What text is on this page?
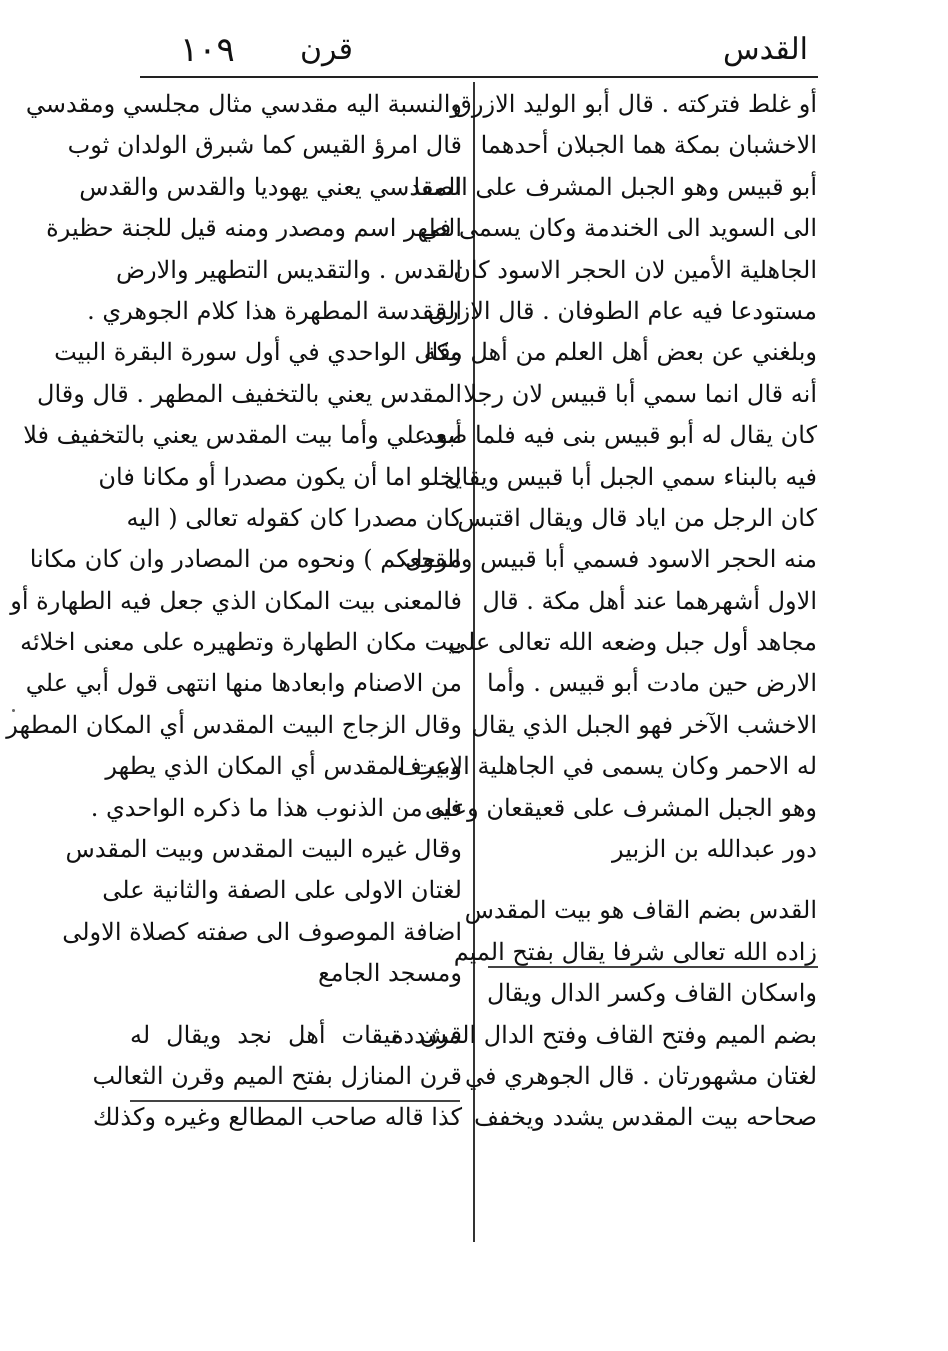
القدس
قرن
١٠٩
أو غلط فتركته . قال أبو الوليد الازرق
الاخشبان بمكة هما الجبلان أحدهما
أبو قبيس وهو الجبل المشرف على الصفا
الى السويد الى الخندمة وكان يسمى في
الجاهلية الأمين لان الحجر الاسود كان
مستودعا فيه عام الطوفان . قال الازرق
وبلغني عن بعض أهل العلم من أهل مكة
أنه قال انما سمي أبا قبيس لان رجلا
كان يقال له أبو قبيس بنى فيه فلما صعد
فيه بالبناء سمي الجبل أبا قبيس ويقال
كان الرجل من اياد قال ويقال اقتبس
منه الحجر الاسود فسمي أبا قبيس والقول
الاول أشهرهما عند أهل مكة . قال
مجاهد أول جبل وضعه الله تعالى على
الارض حين مادت أبو قبيس . وأما
الاخشب الآخر فهو الجبل الذي يقال
له الاحمر وكان يسمى في الجاهلية الاعرف
وهو الجبل المشرف على قعيقعان وعلى
دور عبدالله بن الزبير
القدس بضم القاف هو بيت المقدس
زاده الله تعالى شرفا يقال بفتح الميم
واسكان القاف وكسر الدال ويقال
بضم الميم وفتح القاف وفتح الدال المشددة
لغتان مشهورتان . قال الجوهري في
صحاحه بيت المقدس يشدد ويخفف
والنسبة اليه مقدسي مثال مجلسي ومقدسي
قال امرؤ القيس كما شبرق الولدان ثوب
المقدسي يعني يهوديا والقدس والقدس
الطهر اسم ومصدر ومنه قيل للجنة حظيرة
القدس . والتقديس التطهير والارض
المقدسة المطهرة هذا كلام الجوهري .
وقال الواحدي في أول سورة البقرة البيت
المقدس يعني بالتخفيف المطهر . قال وقال
أبو علي وأما بيت المقدس يعني بالتخفيف فلا
يخلو اما أن يكون مصدرا أو مكانا فان
كان مصدرا كان كقوله تعالى ( اليه
مرجعكم ) ونحوه من المصادر وان كان مكانا
فالمعنى بيت المكان الذي جعل فيه الطهارة أو
بيت مكان الطهارة وتطهيره على معنى اخلائه
من الاصنام وابعادها منها انتهى قول أبي علي
وقال الزجاج البيت المقدس أي المكان المطهر
وبيت المقدس أي المكان الذي يطهر
فيه من الذنوب هذا ما ذكره الواحدي .
وقال غيره البيت المقدس وبيت المقدس
لغتان الاولى على الصفة والثانية على
اضافة الموصوف الى صفته كصلاة الاولى
ومسجد الجامع
قرن ميقات أهل نجد ويقال له
قرن المنازل بفتح الميم وقرن الثعالب
كذا قاله صاحب المطالع وغيره وكذلك
